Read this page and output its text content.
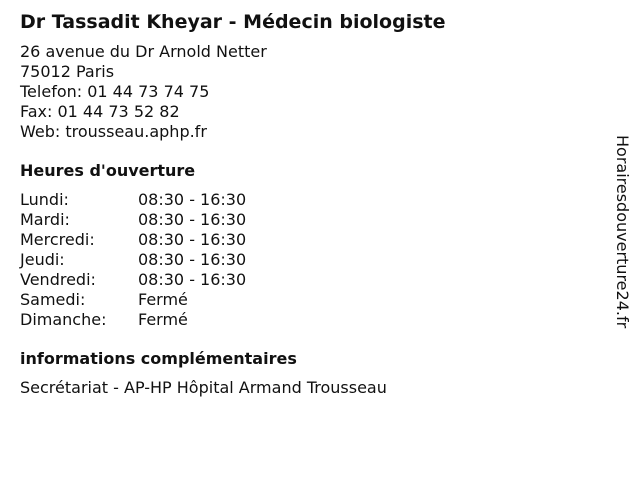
Dr Tassadit Kheyar - Médecin biologiste
26 avenue du Dr Arnold Netter
75012 Paris
Telefon: 01 44 73 74 75
Fax: 01 44 73 52 82
Web: trousseau.aphp.fr
Heures d'ouverture
Lundi:	08:30 - 16:30
Mardi:	08:30 - 16:30
Mercredi:	08:30 - 16:30
Jeudi:	08:30 - 16:30
Vendredi:	08:30 - 16:30
Samedi:	Fermé
Dimanche:	Fermé
informations complémentaires
Secrétariat - AP-HP Hôpital Armand Trousseau
Horairesdouverture24.fr
